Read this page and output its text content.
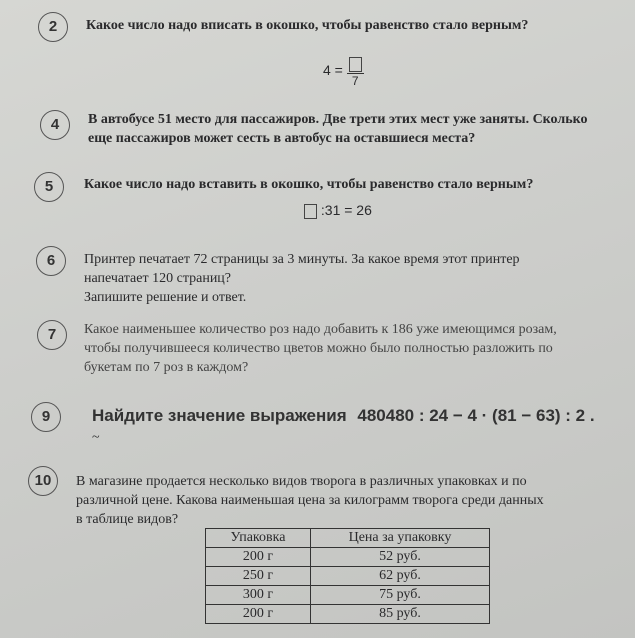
2	Какое число надо вписать в окошко, чтобы равенство стало верным?
4 =
7
4	В автобусе 51 место для пассажиров. Две трети этих мест уже заняты. Сколько

еще пассажиров может сесть в автобус на оставшиеся места?

5	Какое число надо вставить в окошко, чтобы равенство стало верным?
:31 = 26
6	Принтер печатает 72 страницы за 3 минуты. За какое время этот принтер

напечатает 120 страниц?

Запишите решение и ответ.

7	Какое наименьшее количество роз надо добавить к 186 уже имеющимся розам,

чтобы получившееся количество цветов можно было полностью разложить по

букетам по 7 роз в каждом?

9	Найдите значение выражения 480480 : 24 − 4 · (81 − 63) : 2 .
~
10	В магазине продается несколько видов творога в различных упаковках и по

различной цене. Какова наименьшая цена за килограмм творога среди данных

в таблице видов?

Упаковка	Цена за упаковку
200 г	52 руб.
250 г	62 руб.
300 г	75 руб.
200 г	85 руб.
